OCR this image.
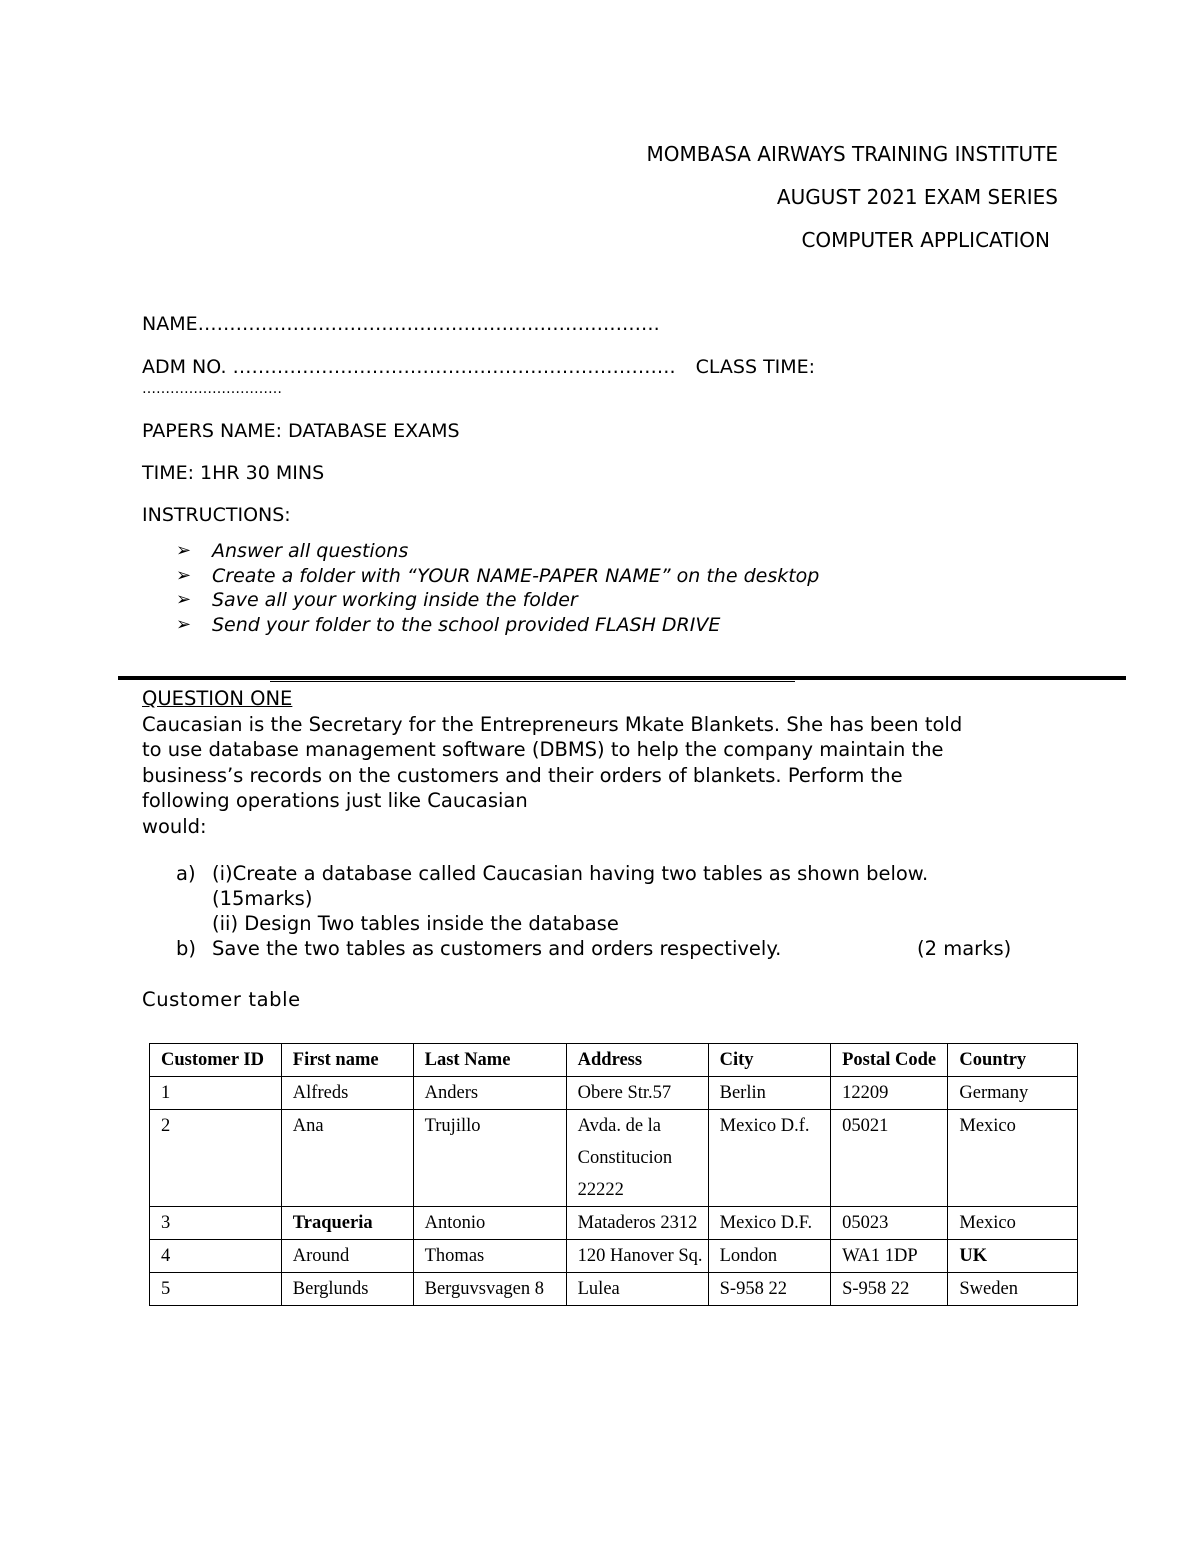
MOMBASA AIRWAYS TRAINING INSTITUTE
AUGUST 2021 EXAM SERIES
COMPUTER APPLICATION
NAME……………………………………………………………….
ADM NO. ……………………………………………………………. CLASS TIME:
…………………………
PAPERS NAME: DATABASE EXAMS
TIME: 1HR 30 MINS
INSTRUCTIONS:
➢ Answer all questions
➢ Create a folder with “YOUR NAME-PAPER NAME” on the desktop
➢ Save all your working inside the folder
➢ Send your folder to the school provided FLASH DRIVE
QUESTION ONE
Caucasian is the Secretary for the Entrepreneurs Mkate Blankets. She has been told
to use database management software (DBMS) to help the company maintain the
business’s records on the customers and their orders of blankets. Perform the
following operations just like Caucasian
would:
a) (i)Create a database called Caucasian having two tables as shown below.
(15marks)
(ii) Design Two tables inside the database
b) Save the two tables as customers and orders respectively.	(2 marks)
Customer table
Customer ID	First name	Last Name	Address	City	Postal Code	Country
1	Alfreds	Anders	Obere Str.57	Berlin	12209	Germany
2	Ana	Trujillo	Avda. de la Constitucion 22222	Mexico D.f.	05021	Mexico
3	Traqueria	Antonio	Mataderos 2312	Mexico D.F.	05023	Mexico
4	Around	Thomas	120 Hanover Sq.	London	WA1 1DP	UK
5	Berglunds	Berguvsvagen 8	Lulea	S-958 22	S-958 22	Sweden
